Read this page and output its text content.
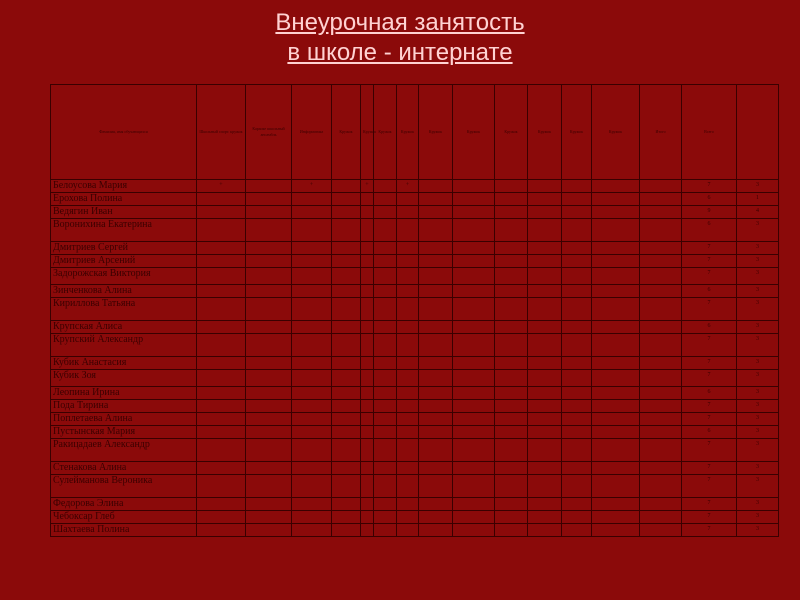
Внеурочная занятость
в школе - интернате
Фамилия, имя обучающихся	Школьный спорт. кружок	Караоке школьный ансамбль	Информатика	Кружок	Кружок	Кружок	Кружок	Кружок	Кружок	Кружок	Кружок	Кружок	Кружок	Итого	Всего	
Белоусова Мария	+		+		+		+								7	3
Ерохова Полина															6	1
Ведягин Иван															9	4
Воронихина Екатерина															6	3
Дмитриев Сергей															7	3
Дмитриев Арсений															7	3
Задорожская Виктория															7	3
Зинченкова Алина															6	3
Кириллова Татьяна															7	3
Крупская Алиса															6	3
Крупский Александр															7	3
Кубик Анастасия															7	3
Кубик Зоя															7	3
Леопина Ирина															6	3
Пода Тирина															7	3
Поплетаева Алина															7	3
Пустынская Мария															6	3
Ракицадаев Александр															7	3
Стенакова Алина															7	3
Сулейманова Вероника															7	3
Федорова Элина															7	3
Чебоксар Глеб															7	3
Шахтаева Полина															7	3
